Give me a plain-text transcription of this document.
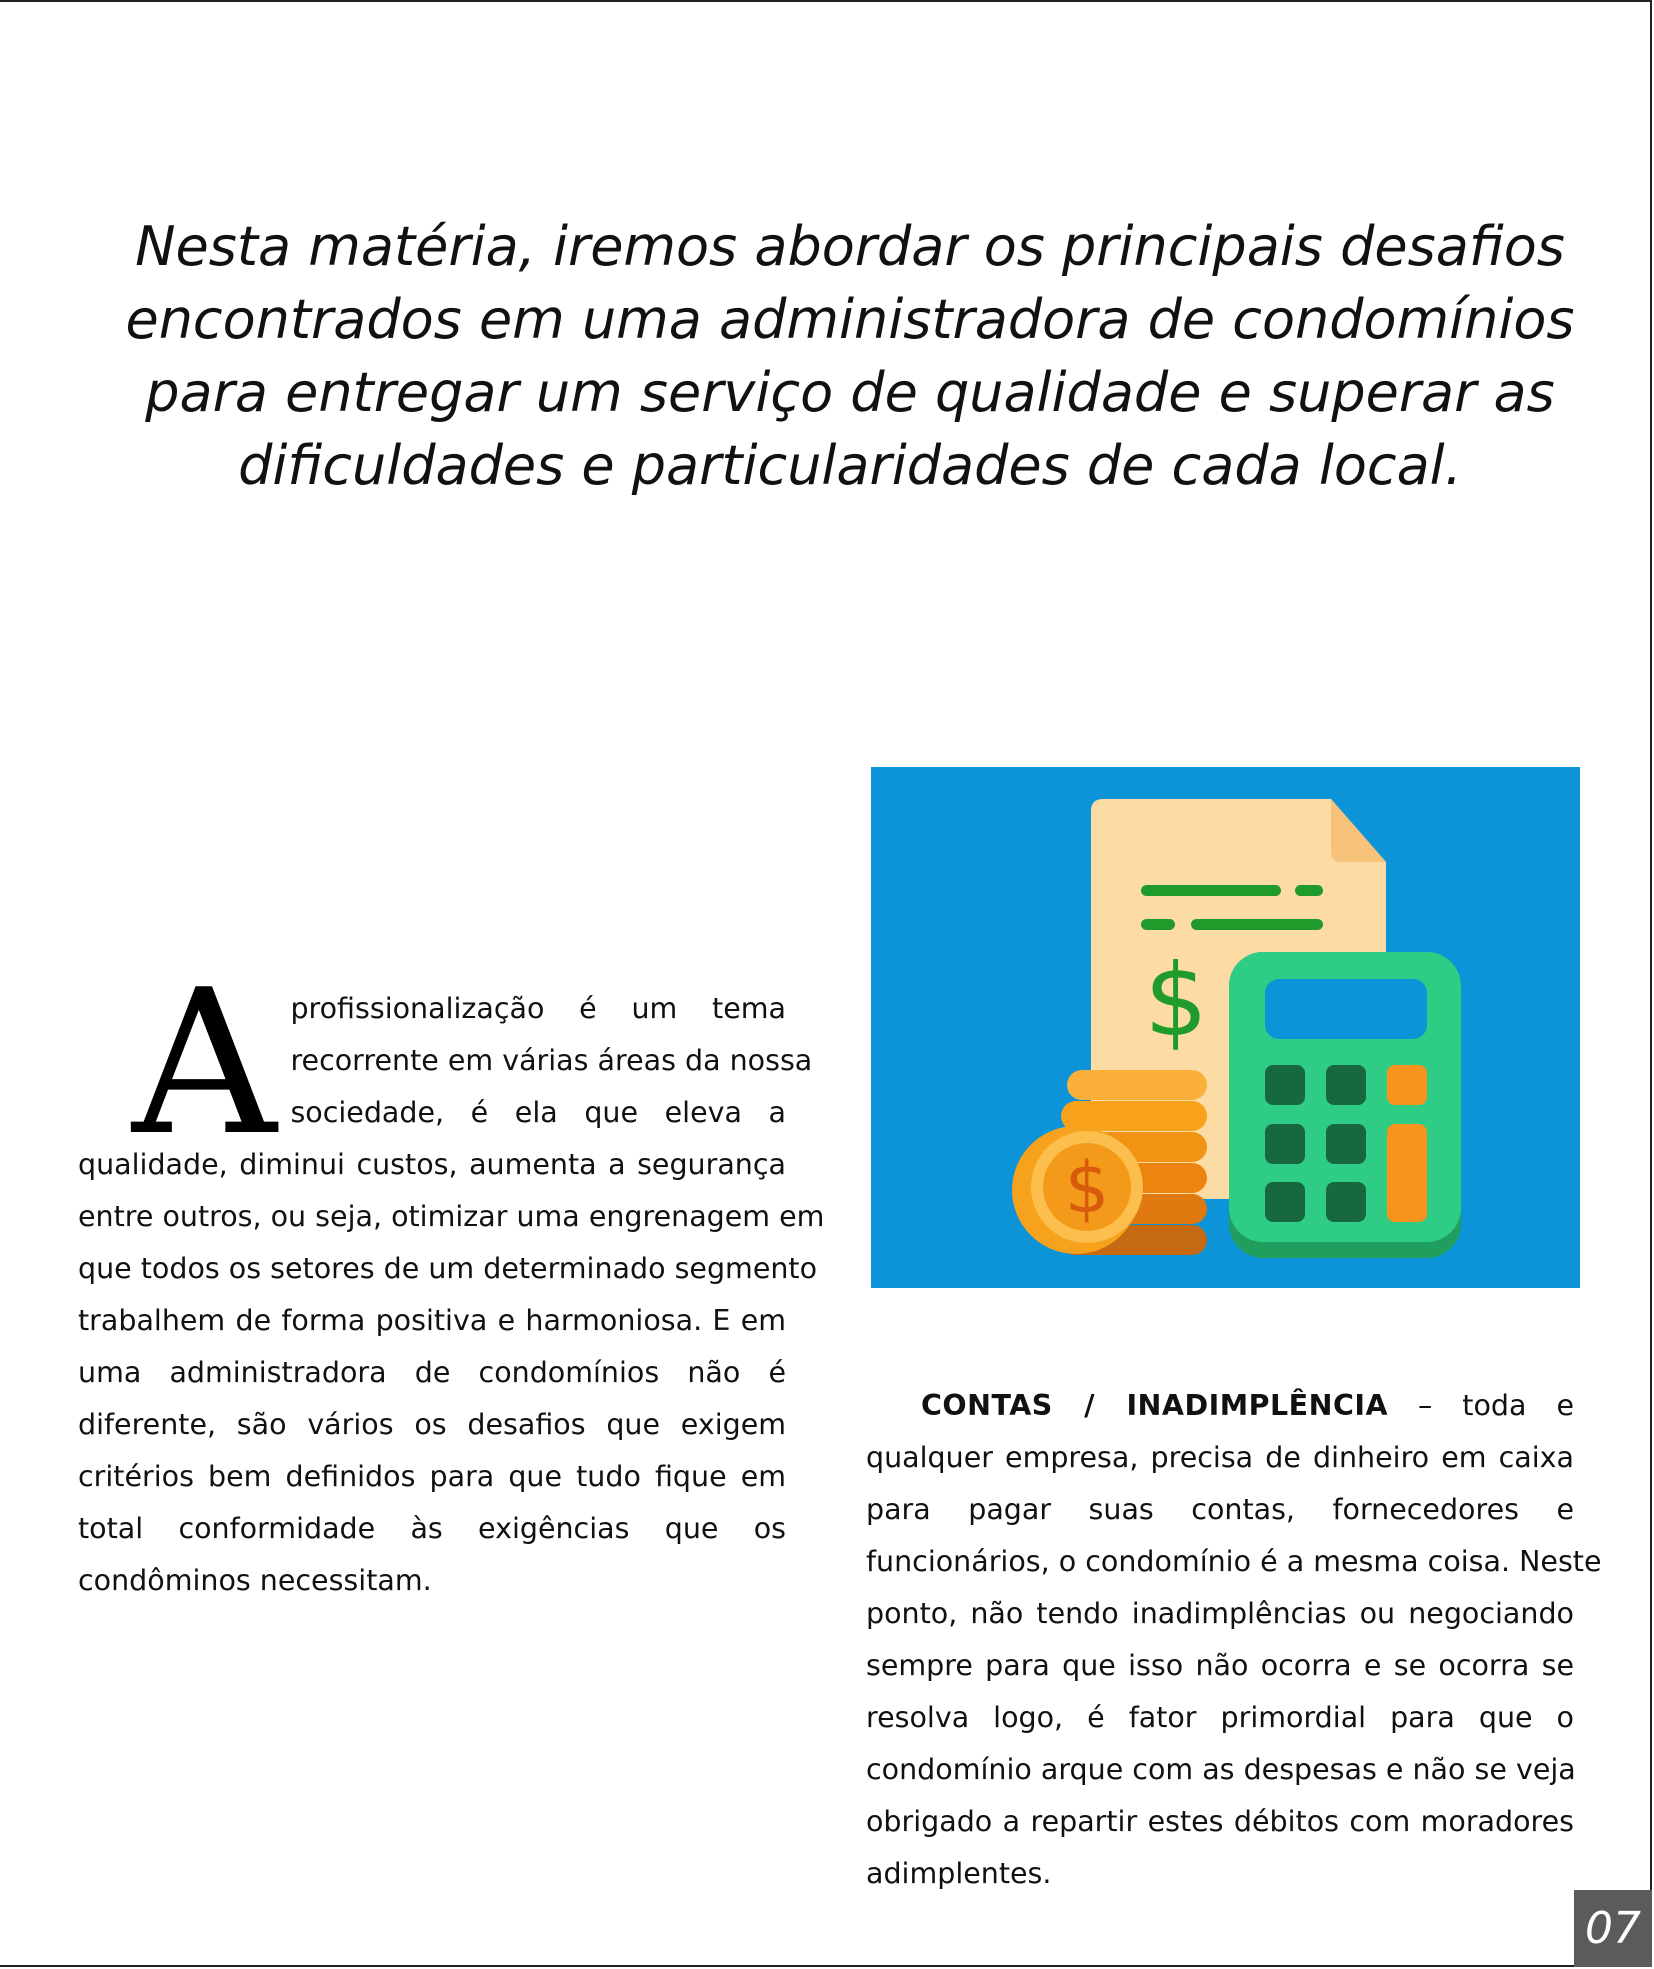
Nesta matéria, iremos abordar os principais desafios
encontrados em uma administradora de condomínios
para entregar um serviço de qualidade e superar as
dificuldades e particularidades de cada local.
$
$
A profissionalização é um tema
recorrente em várias áreas da nossa
sociedade, é ela que eleva a
qualidade, diminui custos, aumenta a segurança
entre outros, ou seja, otimizar uma engrenagem em
que todos os setores de um determinado segmento
trabalhem de forma positiva e harmoniosa. E em
uma administradora de condomínios não é
diferente, são vários os desafios que exigem
critérios bem definidos para que tudo fique em
total conformidade às exigências que os
condôminos necessitam.
CONTAS / INADIMPLÊNCIA – toda e
qualquer empresa, precisa de dinheiro em caixa
para pagar suas contas, fornecedores e
funcionários, o condomínio é a mesma coisa. Neste
ponto, não tendo inadimplências ou negociando
sempre para que isso não ocorra e se ocorra se
resolva logo, é fator primordial para que o
condomínio arque com as despesas e não se veja
obrigado a repartir estes débitos com moradores
adimplentes.
07
